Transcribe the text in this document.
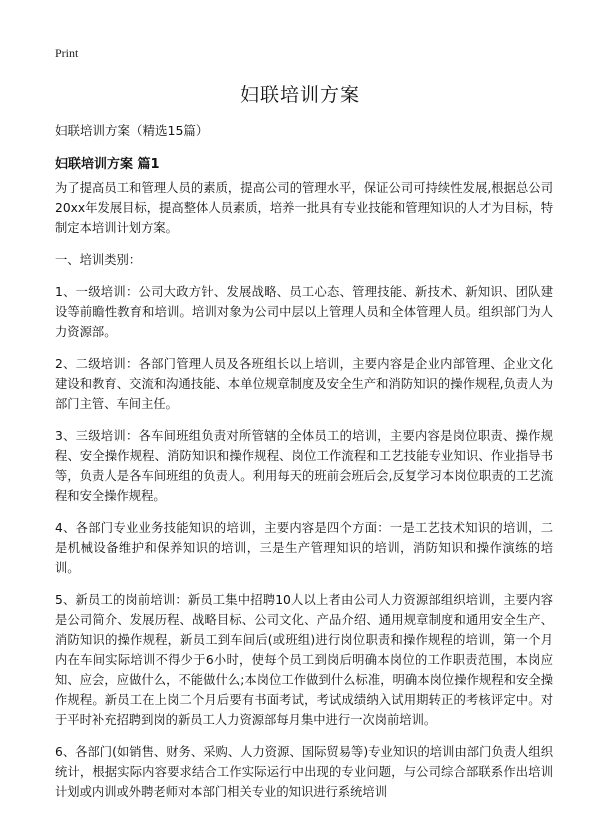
Print
妇联培训方案
妇联培训方案（精选15篇）
妇联培训方案 篇1

为了提高员工和管理人员的素质，提高公司的管理水平，保证公司可持续性发展,根据总公司20xx年发展目标，提高整体人员素质，培养一批具有专业技能和管理知识的人才为目标，特制定本培训计划方案。

一、培训类别：

1、一级培训：公司大政方针、发展战略、员工心态、管理技能、新技术、新知识、团队建设等前瞻性教育和培训。培训对象为公司中层以上管理人员和全体管理人员。组织部门为人力资源部。

2、二级培训：各部门管理人员及各班组长以上培训，主要内容是企业内部管理、企业文化建设和教育、交流和沟通技能、本单位规章制度及安全生产和消防知识的操作规程,负责人为部门主管、车间主任。

3、三级培训：各车间班组负责对所管辖的全体员工的培训，主要内容是岗位职责、操作规程、安全操作规程、消防知识和操作规程、岗位工作流程和工艺技能专业知识、作业指导书等，负责人是各车间班组的负责人。利用每天的班前会班后会,反复学习本岗位职责的工艺流程和安全操作规程。

4、各部门专业业务技能知识的培训，主要内容是四个方面：一是工艺技术知识的培训，二是机械设备维护和保养知识的培训，三是生产管理知识的培训，消防知识和操作演练的培训。

5、新员工的岗前培训：新员工集中招聘10人以上者由公司人力资源部组织培训，主要内容是公司简介、发展历程、战略目标、公司文化、产品介绍、通用规章制度和通用安全生产、消防知识的操作规程，新员工到车间后(或班组)进行岗位职责和操作规程的培训，第一个月内在车间实际培训不得少于6小时，使每个员工到岗后明确本岗位的工作职责范围，本岗应知、应会，应做什么，不能做什么;本岗位工作做到什么标准，明确本岗位操作规程和安全操作规程。新员工在上岗二个月后要有书面考试，考试成绩纳入试用期转正的考核评定中。对于平时补充招聘到岗的新员工人力资源部每月集中进行一次岗前培训。

6、各部门(如销售、财务、采购、人力资源、国际贸易等)专业知识的培训由部门负责人组织统计，根据实际内容要求结合工作实际运行中出现的专业问题，与公司综合部联系作出培训计划或内训或外聘老师对本部门相关专业的知识进行系统培训
